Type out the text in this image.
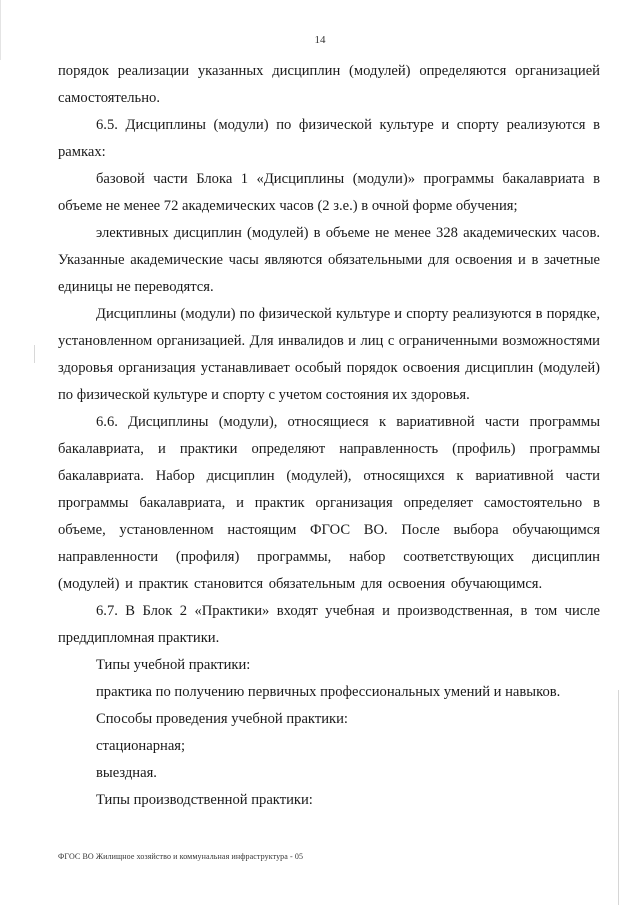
14

порядок реализации указанных дисциплин (модулей) определяются организацией самостоятельно.

6.5. Дисциплины (модули) по физической культуре и спорту реализуются в рамках:

базовой части Блока 1 «Дисциплины (модули)» программы бакалавриата в объеме не менее 72 академических часов (2 з.е.) в очной форме обучения;

элективных дисциплин (модулей) в объеме не менее 328 академических часов. Указанные академические часы являются обязательными для освоения и в зачетные единицы не переводятся.

Дисциплины (модули) по физической культуре и спорту реализуются в порядке, установленном организацией. Для инвалидов и лиц с ограниченными возможностями здоровья организация устанавливает особый порядок освоения дисциплин (модулей) по физической культуре и спорту с учетом состояния их здоровья.

6.6. Дисциплины (модули), относящиеся к вариативной части программы бакалавриата, и практики определяют направленность (профиль) программы бакалавриата. Набор дисциплин (модулей), относящихся к вариативной части программы бакалавриата, и практик организация определяет самостоятельно в объеме, установленном настоящим ФГОС ВО. После выбора обучающимся направленности (профиля) программы, набор соответствующих дисциплин (модулей) и практик становится обязательным для освоения обучающимся.

6.7. В Блок 2 «Практики» входят учебная и производственная, в том числе преддипломная практики.

Типы учебной практики:

практика по получению первичных профессиональных умений и навыков.

Способы проведения учебной практики:

стационарная;

выездная.

Типы производственной практики:

ФГОС ВО Жилищное хозяйство и коммунальная инфраструктура - 05
